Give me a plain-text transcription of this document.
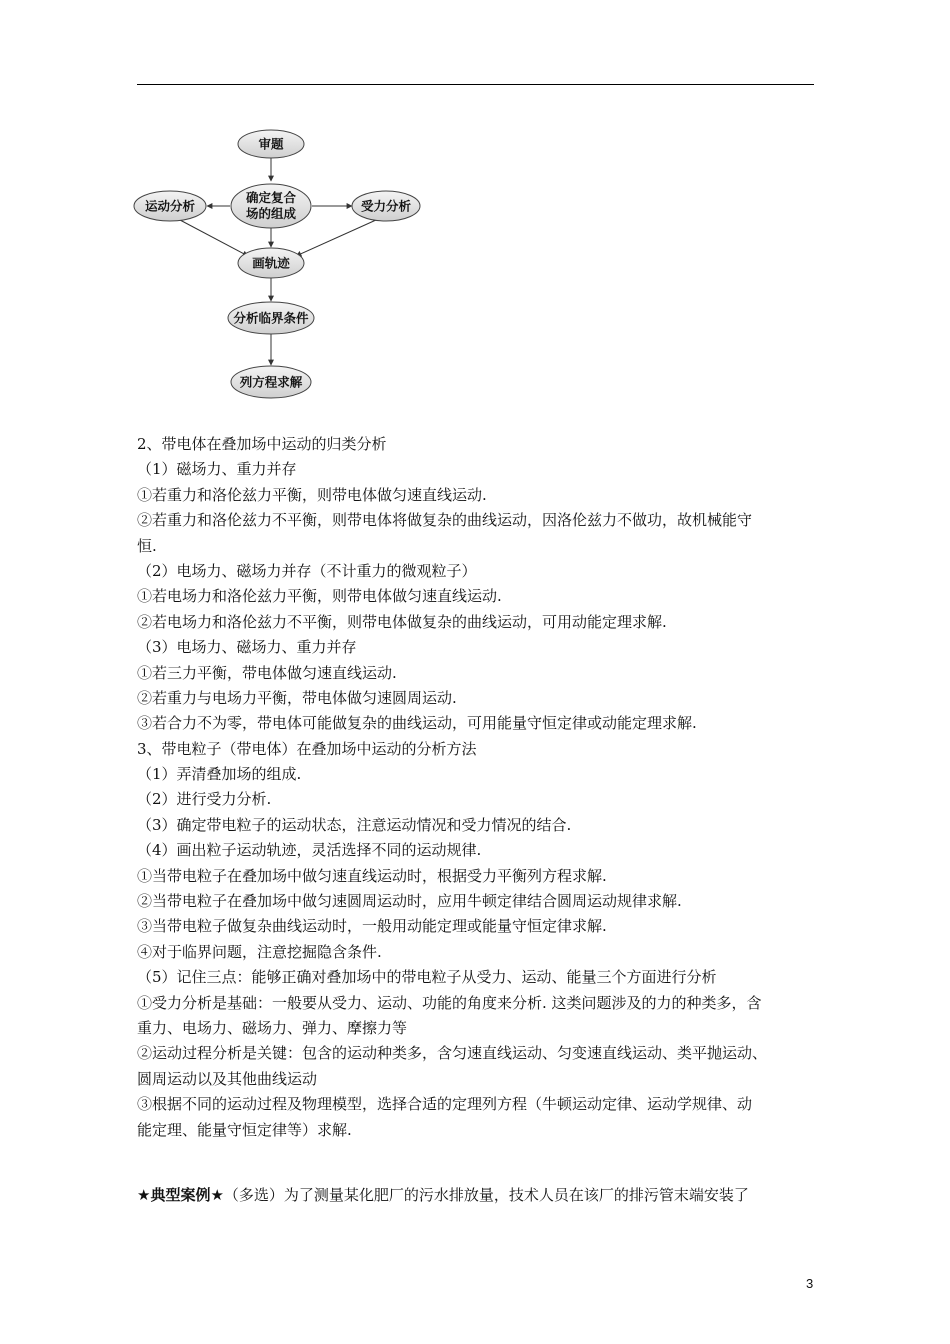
审题
确定复合
场的组成
运动分析	受力分析
画轨迹
分析临界条件
列方程求解
2、带电体在叠加场中运动的归类分析
（1）磁场力、重力并存
①若重力和洛伦兹力平衡，则带电体做匀速直线运动.
②若重力和洛伦兹力不平衡，则带电体将做复杂的曲线运动，因洛伦兹力不做功，故机械能守
恒.
（2）电场力、磁场力并存（不计重力的微观粒子）
①若电场力和洛伦兹力平衡，则带电体做匀速直线运动.
②若电场力和洛伦兹力不平衡，则带电体做复杂的曲线运动，可用动能定理求解.
（3）电场力、磁场力、重力并存
①若三力平衡，带电体做匀速直线运动.
②若重力与电场力平衡，带电体做匀速圆周运动.
③若合力不为零，带电体可能做复杂的曲线运动，可用能量守恒定律或动能定理求解.
3、带电粒子（带电体）在叠加场中运动的分析方法
（1）弄清叠加场的组成.
（2）进行受力分析.
（3）确定带电粒子的运动状态，注意运动情况和受力情况的结合.
（4）画出粒子运动轨迹，灵活选择不同的运动规律.
①当带电粒子在叠加场中做匀速直线运动时，根据受力平衡列方程求解.
②当带电粒子在叠加场中做匀速圆周运动时，应用牛顿定律结合圆周运动规律求解.
③当带电粒子做复杂曲线运动时，一般用动能定理或能量守恒定律求解.
④对于临界问题，注意挖掘隐含条件.
（5）记住三点：能够正确对叠加场中的带电粒子从受力、运动、能量三个方面进行分析
①受力分析是基础：一般要从受力、运动、功能的角度来分析. 这类问题涉及的力的种类多，含
重力、电场力、磁场力、弹力、摩擦力等
②运动过程分析是关键：包含的运动种类多，含匀速直线运动、匀变速直线运动、类平抛运动、
圆周运动以及其他曲线运动
③根据不同的运动过程及物理模型，选择合适的定理列方程（牛顿运动定律、运动学规律、动
能定理、能量守恒定律等）求解.
★典型案例★（多选）为了测量某化肥厂的污水排放量，技术人员在该厂的排污管末端安装了
3
